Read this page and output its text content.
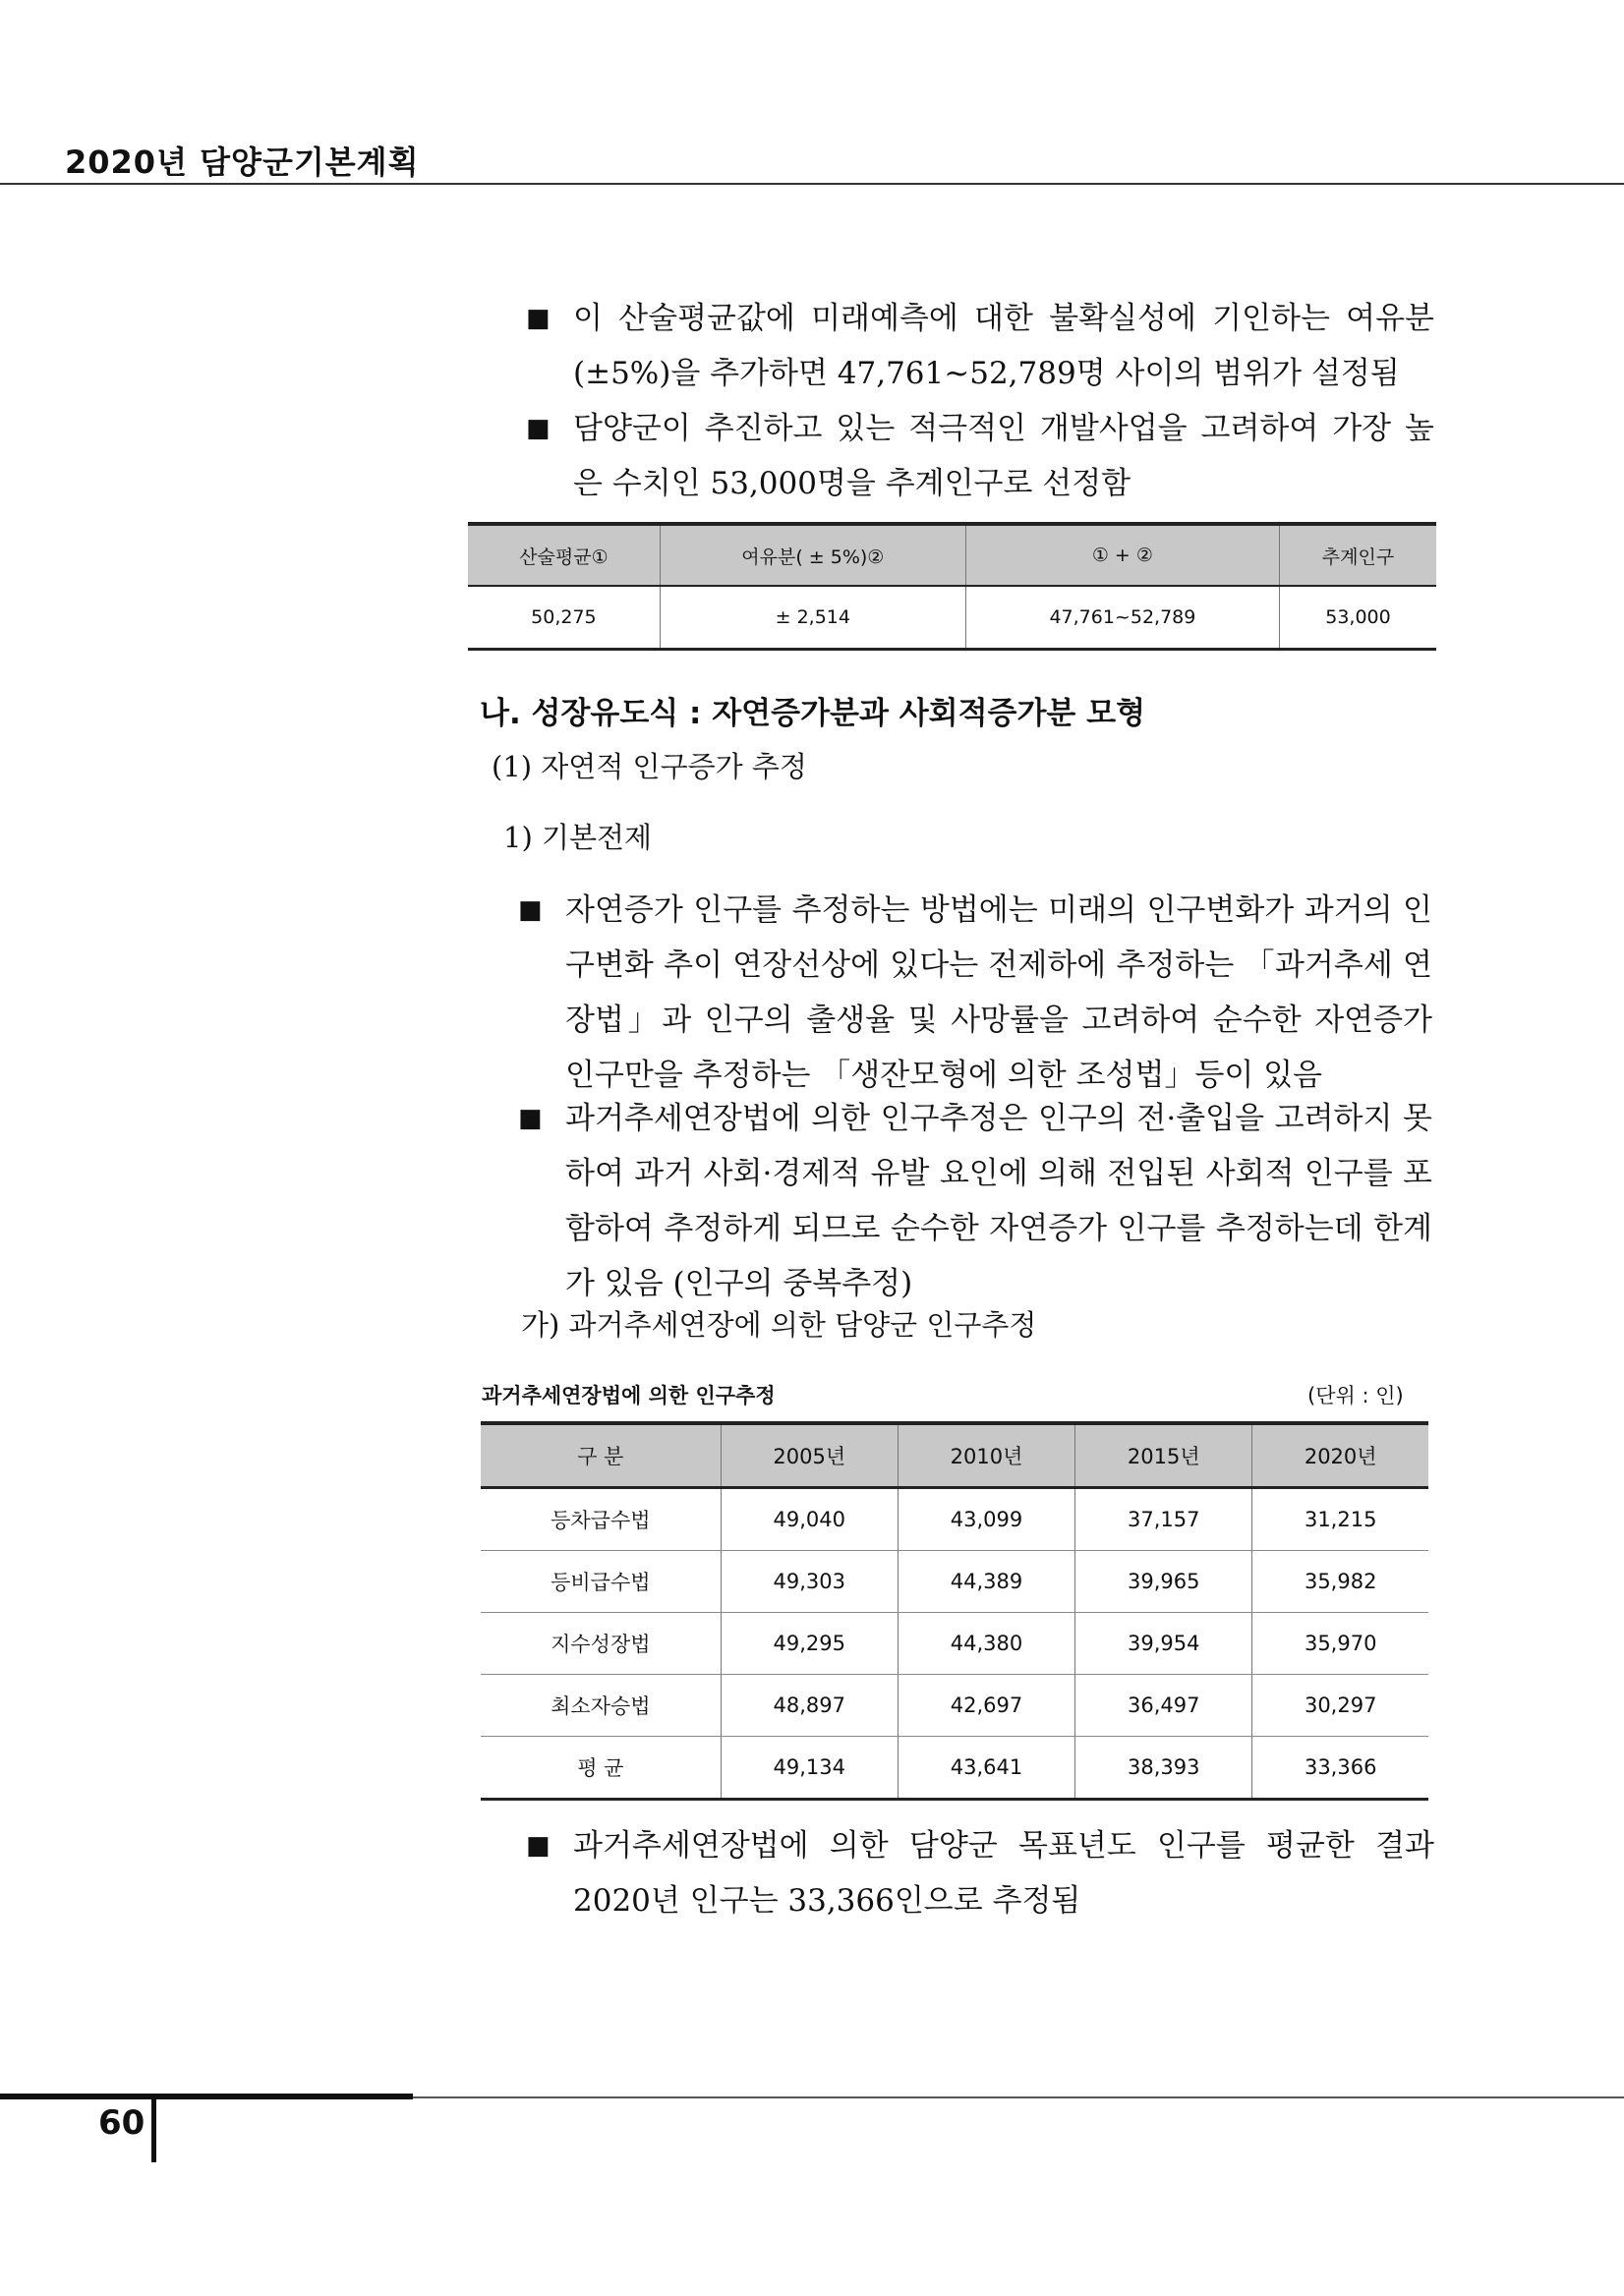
2020년 담양군기본계획
■ 이 산술평균값에 미래예측에 대한 불확실성에 기인하는 여유분(±5%)을 추가하면 47,761~52,789명 사이의 범위가 설정됨
■ 담양군이 추진하고 있는 적극적인 개발사업을 고려하여 가장 높은 수치인 53,000명을 추계인구로 선정함
산술평균①	여유분( ± 5%)②	① + ②	추계인구
50,275	± 2,514	47,761~52,789	53,000
나. 성장유도식 : 자연증가분과 사회적증가분 모형
(1) 자연적 인구증가 추정
1) 기본전제
■ 자연증가 인구를 추정하는 방법에는 미래의 인구변화가 과거의 인구변화 추이 연장선상에 있다는 전제하에 추정하는 「과거추세 연장법」과 인구의 출생율 및 사망률을 고려하여 순수한 자연증가 인구만을 추정하는 「생잔모형에 의한 조성법」등이 있음
■ 과거추세연장법에 의한 인구추정은 인구의 전·출입을 고려하지 못하여 과거 사회·경제적 유발 요인에 의해 전입된 사회적 인구를 포함하여 추정하게 되므로 순수한 자연증가 인구를 추정하는데 한계가 있음 (인구의 중복추정)
가) 과거추세연장에 의한 담양군 인구추정
과거추세연장법에 의한 인구추정	(단위 : 인)
구 분	2005년	2010년	2015년	2020년
등차급수법	49,040	43,099	37,157	31,215
등비급수법	49,303	44,389	39,965	35,982
지수성장법	49,295	44,380	39,954	35,970
최소자승법	48,897	42,697	36,497	30,297
평 균	49,134	43,641	38,393	33,366
■ 과거추세연장법에 의한 담양군 목표년도 인구를 평균한 결과 2020년 인구는 33,366인으로 추정됨
60
